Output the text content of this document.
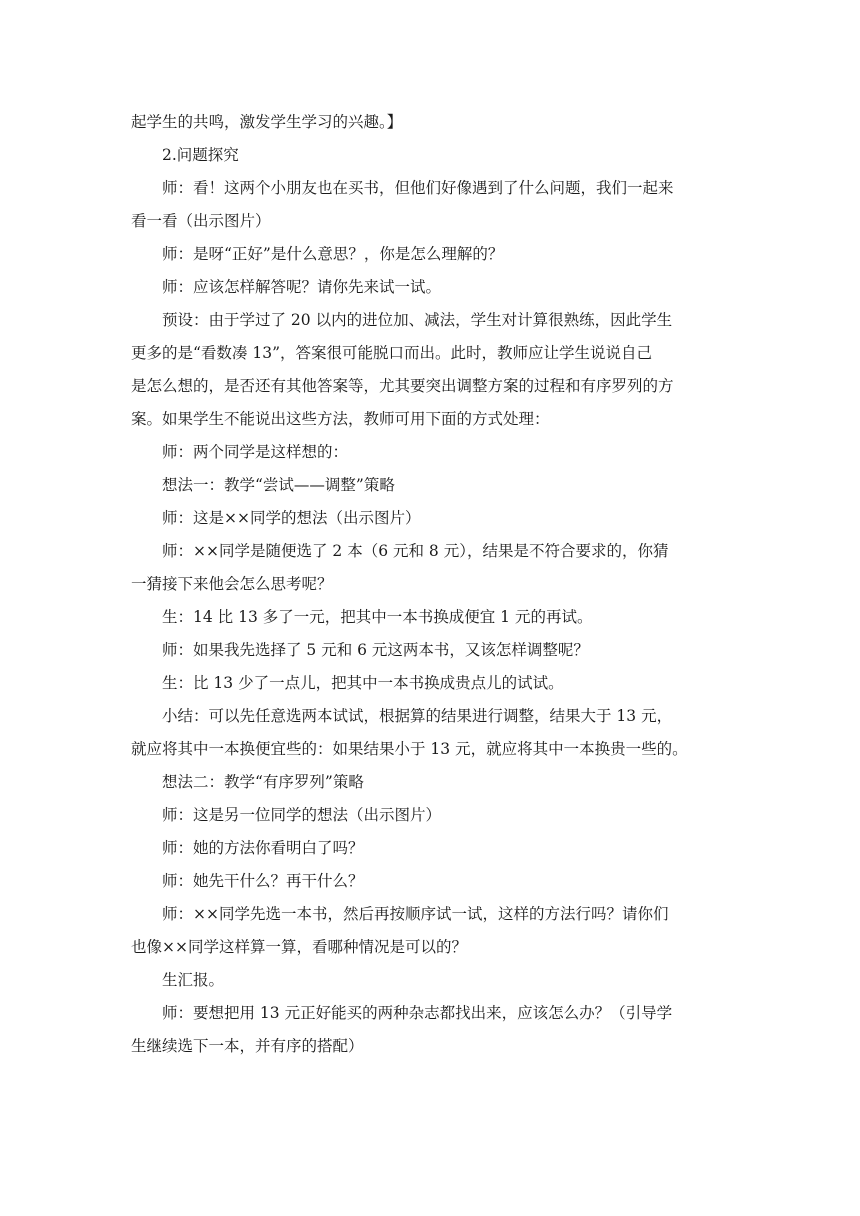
起学生的共鸣，激发学生学习的兴趣。】
2.问题探究
师：看！这两个小朋友也在买书，但他们好像遇到了什么问题，我们一起来
看一看（出示图片）
师：是呀“正好”是什么意思？，你是怎么理解的？
师：应该怎样解答呢？请你先来试一试。
预设：由于学过了 20 以内的进位加、减法，学生对计算很熟练，因此学生
更多的是“看数凑 13”，答案很可能脱口而出。此时，教师应让学生说说自己
是怎么想的，是否还有其他答案等，尤其要突出调整方案的过程和有序罗列的方
案。如果学生不能说出这些方法，教师可用下面的方式处理：
师：两个同学是这样想的：
想法一：教学“尝试——调整”策略
师：这是××同学的想法（出示图片）
师：××同学是随便选了 2 本（6 元和 8 元），结果是不符合要求的，你猜
一猜接下来他会怎么思考呢？
生：14 比 13 多了一元，把其中一本书换成便宜 1 元的再试。
师：如果我先选择了 5 元和 6 元这两本书，又该怎样调整呢？
生：比 13 少了一点儿，把其中一本书换成贵点儿的试试。
小结：可以先任意选两本试试，根据算的结果进行调整，结果大于 13 元，
就应将其中一本换便宜些的：如果结果小于 13 元，就应将其中一本换贵一些的。
想法二：教学“有序罗列”策略
师：这是另一位同学的想法（出示图片）
师：她的方法你看明白了吗？
师：她先干什么？再干什么？
师：××同学先选一本书，然后再按顺序试一试，这样的方法行吗？请你们
也像××同学这样算一算，看哪种情况是可以的？
生汇报。
师：要想把用 13 元正好能买的两种杂志都找出来，应该怎么办？（引导学
生继续选下一本，并有序的搭配）
